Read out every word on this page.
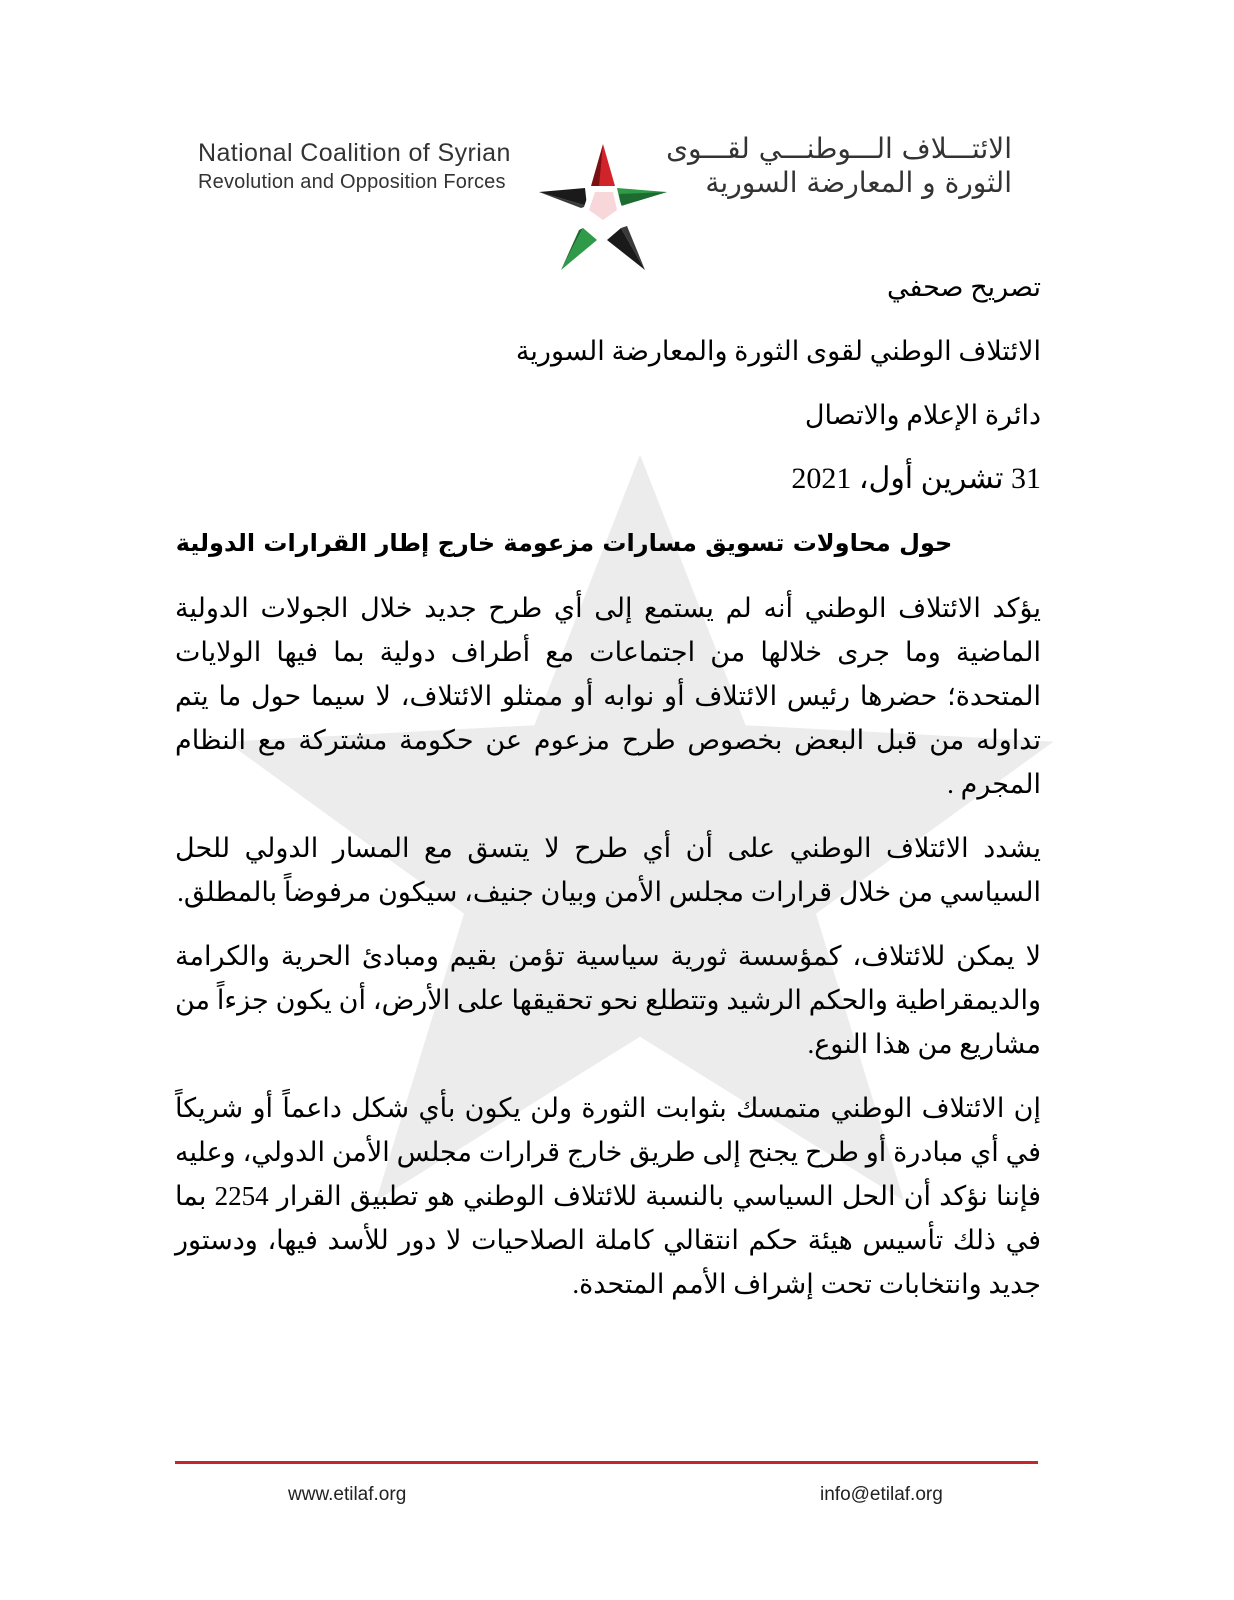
National Coalition of Syrian
Revolution and Opposition Forces
الائتـــلاف الـــوطنـــي لقـــوى
الثورة و المعارضة السورية
تصريح صحفي
الائتلاف الوطني لقوى الثورة والمعارضة السورية
دائرة الإعلام والاتصال
31 تشرين أول، 2021
حول محاولات تسويق مسارات مزعومة خارج إطار القرارات الدولية

يؤكد الائتلاف الوطني أنه لم يستمع إلى أي طرح جديد خلال الجولات الدولية الماضية وما جرى خلالها من اجتماعات مع أطراف دولية بما فيها الولايات المتحدة؛ حضرها رئيس الائتلاف أو نوابه أو ممثلو الائتلاف، لا سيما حول ما يتم تداوله من قبل البعض بخصوص طرح مزعوم عن حكومة مشتركة مع النظام المجرم .

يشدد الائتلاف الوطني على أن أي طرح لا يتسق مع المسار الدولي للحل السياسي من خلال قرارات مجلس الأمن وبيان جنيف، سيكون مرفوضاً بالمطلق.

لا يمكن للائتلاف، كمؤسسة ثورية سياسية تؤمن بقيم ومبادئ الحرية والكرامة والديمقراطية والحكم الرشيد وتتطلع نحو تحقيقها على الأرض، أن يكون جزءاً من مشاريع من هذا النوع.

إن الائتلاف الوطني متمسك بثوابت الثورة ولن يكون بأي شكل داعماً أو شريكاً في أي مبادرة أو طرح يجنح إلى طريق خارج قرارات مجلس الأمن الدولي، وعليه فإننا نؤكد أن الحل السياسي بالنسبة للائتلاف الوطني هو تطبيق القرار 2254 بما في ذلك تأسيس هيئة حكم انتقالي كاملة الصلاحيات لا دور للأسد فيها، ودستور جديد وانتخابات تحت إشراف الأمم المتحدة.

www.etilaf.org	info@etilaf.org
